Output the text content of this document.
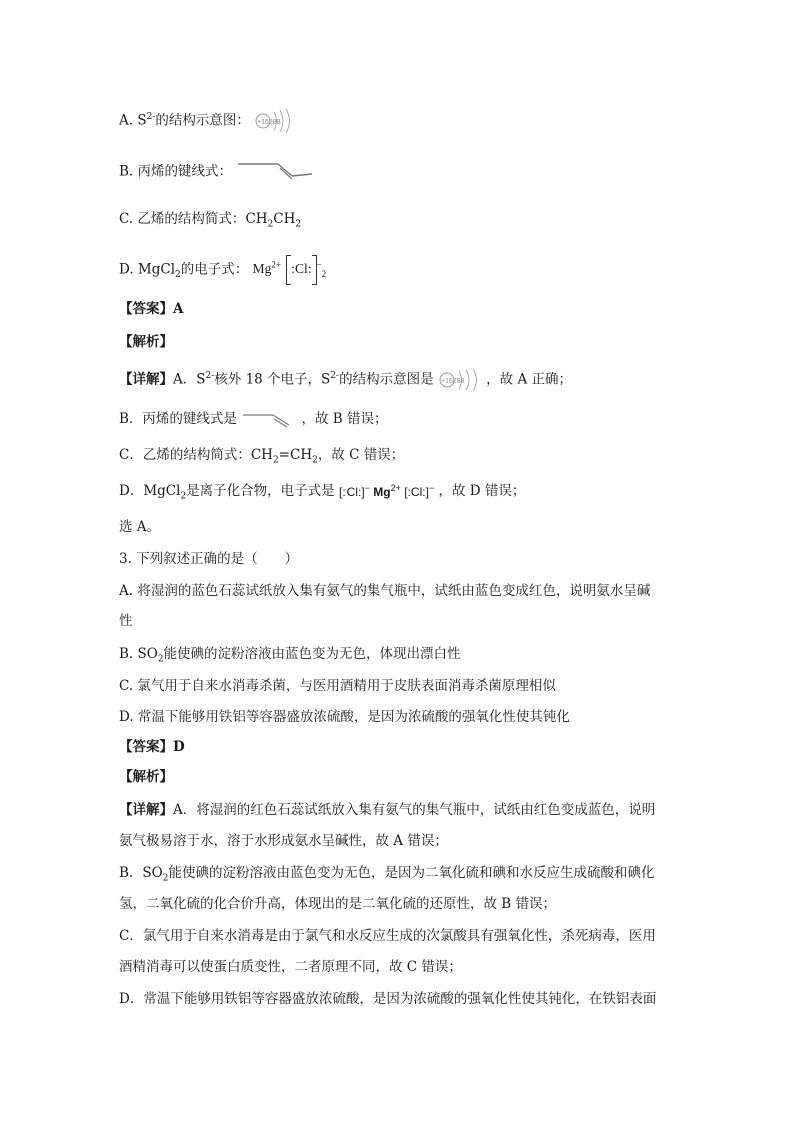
A. $S^{2-}$的结构示意图： +16288
B. 丙烯的键线式：
C. 乙烯的结构简式：$CH_2CH_2$
D. MgCl$_2$的电子式： $Mg^{2+}$ :Cl: −$_2$
【答案】A
【解析】
【详解】A．$S^{2-}$核外 18 个电子，$S^{2-}$的结构示意图是 +16288 ，故 A 正确；
B．丙烯的键线式是	，故 B 错误；
C．乙烯的结构简式：$CH_2=CH_2$，故 C 错误；
D．MgCl$_2$是离子化合物，电子式是 [:Cl:]− $Mg^{2+}$ [:Cl:]− ，故 D 错误；
选 A。
3. 下列叙述正确的是（　　）
A. 将湿润的蓝色石蕊试纸放入集有氨气的集气瓶中，试纸由蓝色变成红色，说明氨水呈碱
性
B. $SO_2$能使碘的淀粉溶液由蓝色变为无色，体现出漂白性
C. 氯气用于自来水消毒杀菌，与医用酒精用于皮肤表面消毒杀菌原理相似
D. 常温下能够用铁铝等容器盛放浓硫酸，是因为浓硫酸的强氧化性使其钝化
【答案】D
【解析】
【详解】A．将湿润的红色石蕊试纸放入集有氨气的集气瓶中，试纸由红色变成蓝色，说明
氨气极易溶于水，溶于水形成氨水呈碱性，故 A 错误；
B．$SO_2$能使碘的淀粉溶液由蓝色变为无色，是因为二氧化硫和碘和水反应生成硫酸和碘化
氢，二氧化硫的化合价升高，体现出的是二氧化硫的还原性，故 B 错误；
C．氯气用于自来水消毒是由于氯气和水反应生成的次氯酸具有强氧化性，杀死病毒，医用
酒精消毒可以使蛋白质变性，二者原理不同，故 C 错误；
D．常温下能够用铁铝等容器盛放浓硫酸，是因为浓硫酸的强氧化性使其钝化，在铁铝表面
